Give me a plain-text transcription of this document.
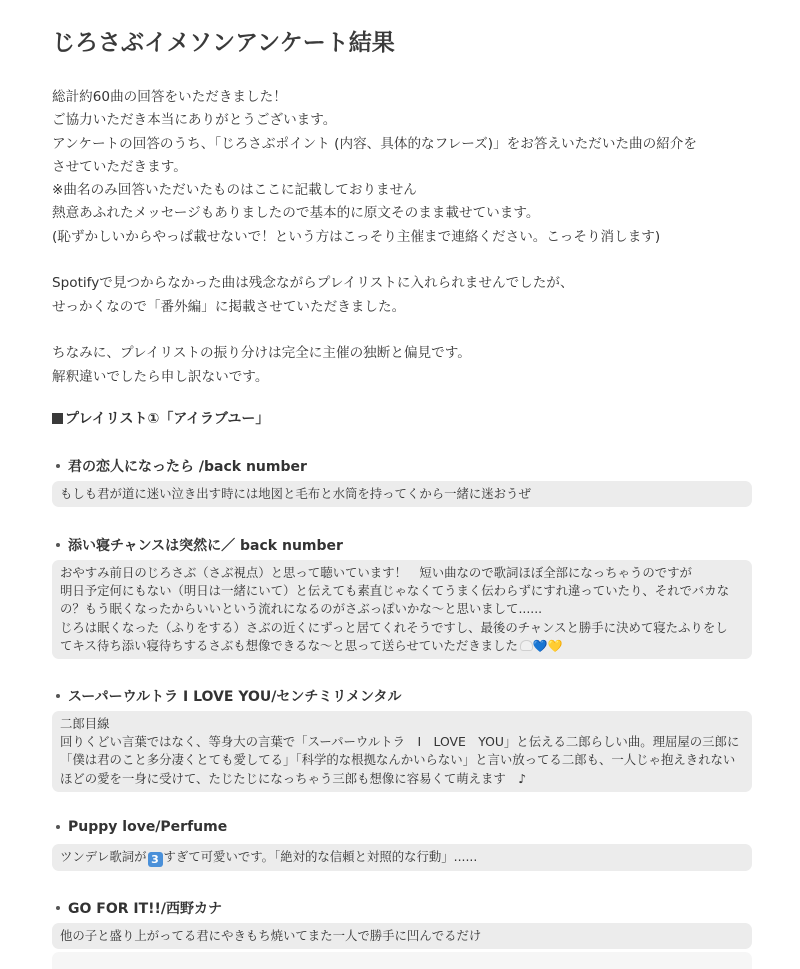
じろさぶイメソンアンケート結果
総計約60曲の回答をいただきました！
ご協力いただき本当にありがとうございます。
アンケートの回答のうち、「じろさぶポイント (内容、具体的なフレーズ)」をお答えいただいた曲の紹介を
させていただきます。
※曲名のみ回答いただいたものはここに記載しておりません
熱意あふれたメッセージもありましたので基本的に原文そのまま載せています。
(恥ずかしいからやっぱ載せないで！という方はこっそり主催まで連絡ください。こっそり消します)
Spotifyで見つからなかった曲は残念ながらプレイリストに入れられませんでしたが、
せっかくなので「番外編」に掲載させていただきました。
ちなみに、プレイリストの振り分けは完全に主催の独断と偏見です。
解釈違いでしたら申し訳ないです。
プレイリスト①「アイラブユー」
君の恋人になったら /back number
もしも君が道に迷い泣き出す時には地図と毛布と水筒を持ってくから一緒に迷おうぜ
添い寝チャンスは突然に／ back number
おやすみ前日のじろさぶ（さぶ視点）と思って聴いています！　短い曲なので歌詞ほぼ全部になっちゃうのですが
明日予定何にもない（明日は一緒にいて）と伝えても素直じゃなくてうまく伝わらずにすれ違っていたり、それでバカな
の？もう眠くなったからいいという流れになるのがさぶっぽいかな〜と思いまして......
じろは眠くなった（ふりをする）さぶの近くにずっと居てくれそうですし、最後のチャンスと勝手に決めて寝たふりをし
てキス待ち添い寝待ちするさぶも想像できるな〜と思って送らせていただきました 💙💛
スーパーウルトラ I LOVE YOU/センチミリメンタル
二郎目線
回りくどい言葉ではなく、等身大の言葉で「スーパーウルトラ　I　LOVE　YOU」と伝える二郎らしい曲。理屈屋の三郎に
「僕は君のこと多分凄くとても愛してる」「科学的な根拠なんかいらない」と言い放ってる二郎も、一人じゃ抱えきれない
ほどの愛を一身に受けて、たじたじになっちゃう三郎も想像に容易くて萌えます　♪
Puppy love/Perfume
ツンデレ歌詞が 3 すぎて可愛いです。「絶対的な信頼と対照的な行動」......
GO FOR IT!!/西野カナ
他の子と盛り上がってる君にやきもち焼いてまた一人で勝手に凹んでるだけ
